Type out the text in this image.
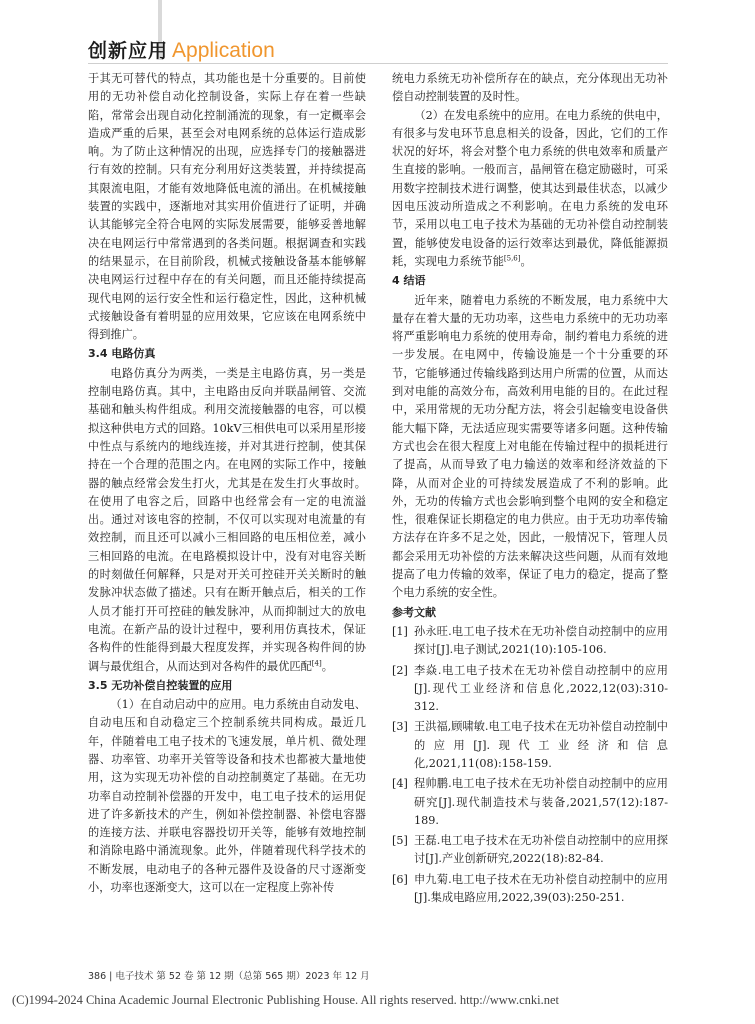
创新应用 Application

于其无可替代的特点，其功能也是十分重要的。目前使用的无功补偿自动化控制设备，实际上存在着一些缺陷，常常会出现自动化控制涌流的现象，有一定概率会造成严重的后果，甚至会对电网系统的总体运行造成影响。为了防止这种情况的出现，应选择专门的接触器进行有效的控制。只有充分利用好这类装置，并持续提高其限流电阻，才能有效地降低电流的涌出。在机械接触装置的实践中，逐渐地对其实用价值进行了证明，并确认其能够完全符合电网的实际发展需要，能够妥善地解决在电网运行中常常遇到的各类问题。根据调查和实践的结果显示，在目前阶段，机械式接触设备基本能够解决电网运行过程中存在的有关问题，而且还能持续提高现代电网的运行安全性和运行稳定性，因此，这种机械式接触设备有着明显的应用效果，它应该在电网系统中得到推广。

3.4 电路仿真

电路仿真分为两类，一类是主电路仿真，另一类是控制电路仿真。其中，主电路由反向并联晶闸管、交流基础和触头构件组成。利用交流接触器的电容，可以模拟这种供电方式的回路。10kV三相供电可以采用星形接中性点与系统内的地线连接，并对其进行控制，使其保持在一个合理的范围之内。在电网的实际工作中，接触器的触点经常会发生打火，尤其是在发生打火事故时。在使用了电容之后，回路中也经常会有一定的电流溢出。通过对该电容的控制，不仅可以实现对电流量的有效控制，而且还可以减小三相回路的电压相位差，减小三相回路的电流。在电路模拟设计中，没有对电容关断的时刻做任何解释，只是对开关可控硅开关关断时的触发脉冲状态做了描述。只有在断开触点后，相关的工作人员才能打开可控硅的触发脉冲，从而抑制过大的放电电流。在新产品的设计过程中，要利用仿真技术，保证各构件的性能得到最大程度发挥，并实现各构件间的协调与最优组合，从而达到对各构件的最优匹配[4]。

3.5 无功补偿自控装置的应用

（1）在自动启动中的应用。电力系统由自动发电、自动电压和自动稳定三个控制系统共同构成。最近几年，伴随着电工电子技术的飞速发展，单片机、微处理器、功率管、功率开关管等设备和技术也都被大量地使用，这为实现无功补偿的自动控制奠定了基础。在无功功率自动控制补偿器的开发中，电工电子技术的运用促进了许多新技术的产生，例如补偿控制器、补偿电容器的连接方法、并联电容器投切开关等，能够有效地控制和消除电路中涌流现象。此外，伴随着现代科学技术的不断发展，电动电子的各种元器件及设备的尺寸逐渐变小，功率也逐渐变大，这可以在一定程度上弥补传

统电力系统无功补偿所存在的缺点，充分体现出无功补偿自动控制装置的及时性。

（2）在发电系统中的应用。在电力系统的供电中，有很多与发电环节息息相关的设备，因此，它们的工作状况的好坏，将会对整个电力系统的供电效率和质量产生直接的影响。一般而言，晶闸管在稳定励磁时，可采用数字控制技术进行调整，使其达到最佳状态，以减少因电压波动所造成之不利影响。在电力系统的发电环节，采用以电工电子技术为基础的无功补偿自动控制装置，能够使发电设备的运行效率达到最优，降低能源损耗，实现电力系统节能[5,6]。

4 结语

近年来，随着电力系统的不断发展，电力系统中大量存在着大量的无功功率，这些电力系统中的无功功率将严重影响电力系统的使用寿命，制约着电力系统的进一步发展。在电网中，传输设施是一个十分重要的环节，它能够通过传输线路到达用户所需的位置，从而达到对电能的高效分布，高效利用电能的目的。在此过程中，采用常规的无功分配方法，将会引起输变电设备供能大幅下降，无法适应现实需要等诸多问题。这种传输方式也会在很大程度上对电能在传输过程中的损耗进行了提高，从而导致了电力输送的效率和经济效益的下降，从而对企业的可持续发展造成了不利的影响。此外，无功的传输方式也会影响到整个电网的安全和稳定性，很难保证长期稳定的电力供应。由于无功功率传输方法存在许多不足之处，因此，一般情况下，管理人员都会采用无功补偿的方法来解决这些问题，从而有效地提高了电力传输的效率，保证了电力的稳定，提高了整个电力系统的安全性。

参考文献
[1] 孙永旺.电工电子技术在无功补偿自动控制中的应用探讨[J].电子测试,2021(10):105-106.
[2] 李焱.电工电子技术在无功补偿自动控制中的应用[J].现代工业经济和信息化,2022,12(03):310-312.
[3] 王洪福,顾啸敏.电工电子技术在无功补偿自动控制中的应用[J].现代工业经济和信息化,2021,11(08):158-159.
[4] 程帅鹏.电工电子技术在无功补偿自动控制中的应用研究[J].现代制造技术与装备,2021,57(12):187-189.
[5] 王磊.电工电子技术在无功补偿自动控制中的应用探讨[J].产业创新研究,2022(18):82-84.
[6] 申九菊.电工电子技术在无功补偿自动控制中的应用[J].集成电路应用,2022,39(03):250-251.
386 | 电子技术 第 52 卷 第 12 期（总第 565 期）2023 年 12 月
(C)1994-2024 China Academic Journal Electronic Publishing House. All rights reserved. http://www.cnki.net
